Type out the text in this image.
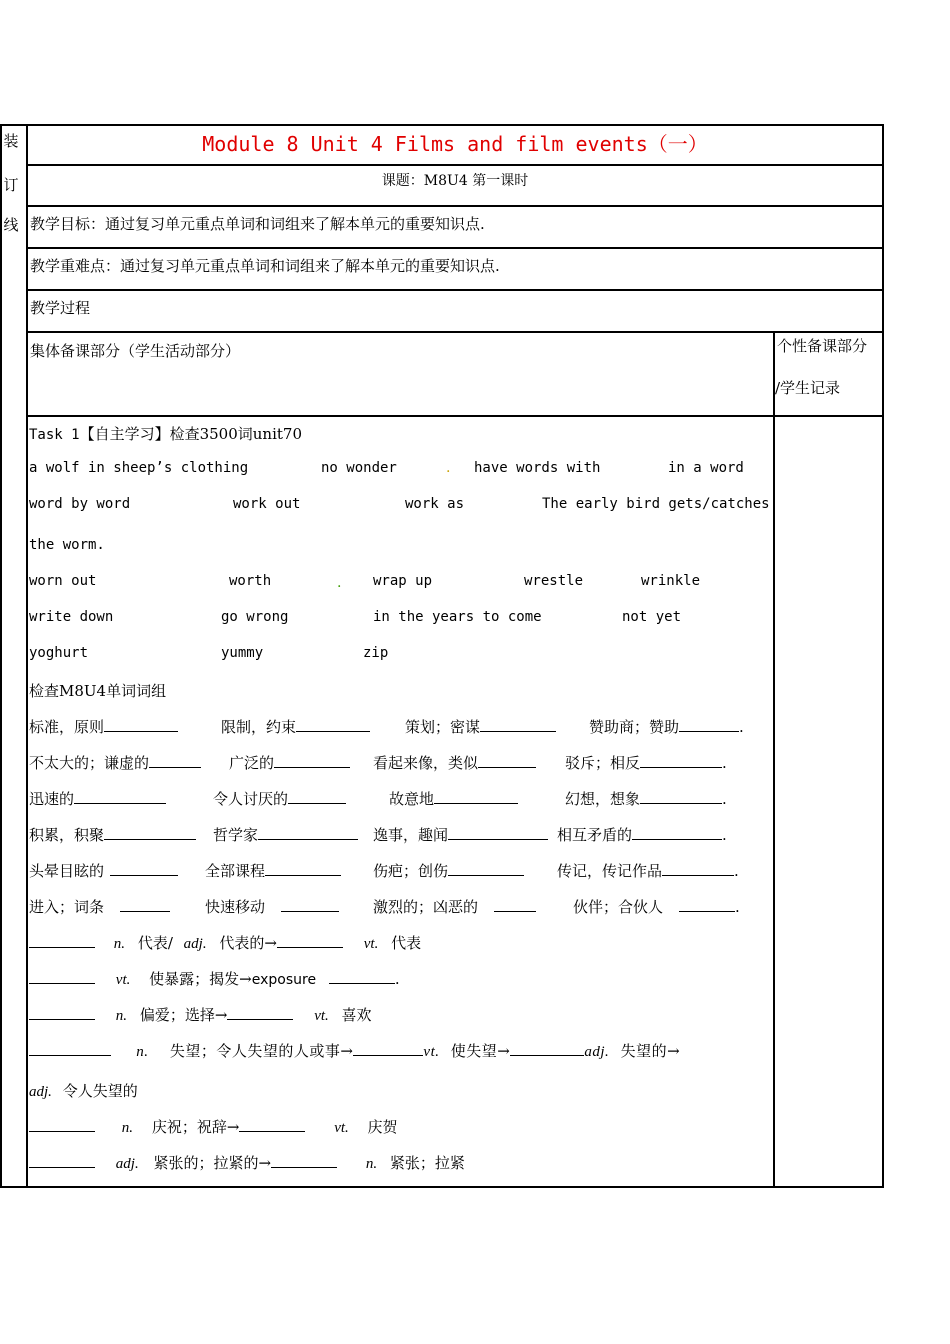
装
订
线
Module 8 Unit 4 Films and film events（一）
课题：M8U4 第一课时
教学目标：通过复习单元重点单词和词组来了解本单元的重要知识点.
教学重难点：通过复习单元重点单词和词组来了解本单元的重要知识点.
教学过程
集体备课部分（学生活动部分）	个性备课部分
/学生记录
Task 1【自主学习】检查3500词unit70
a wolf in sheep’s clothing	no wonder	. have words with	in a word
word by word	work out	work as	The early bird gets/catches
the worm.
worn out	worth	. wrap up	wrestle	wrinkle
write down	go wrong	in the years to come	not yet
yoghurt	yummy	zip
检查M8U4单词词组
标准，原则	限制，约束	策划；密谋	赞助商；赞助	.
不太大的；谦虚的	广泛的	看起来像，类似	驳斥；相反	.
迅速的	令人讨厌的	故意地	幻想，想象	.
积累，积聚	哲学家	逸事，趣闻	相互矛盾的	.
头晕目眩的	全部课程	伤疤；创伤	传记，传记作品	.
进入；词条	快速移动	激烈的；凶恶的	伙伴；合伙人	.
n. 代表/ adj. 代表的→	vt. 代表
vt. 使暴露；揭发→exposure	.
n. 偏爱；选择→	vt. 喜欢
n. 失望；令人失望的人或事→	vt. 使失望→	adj. 失望的→
adj. 令人失望的
n. 庆祝；祝辞→	vt. 庆贺
adj. 紧张的；拉紧的→	n. 紧张；拉紧
